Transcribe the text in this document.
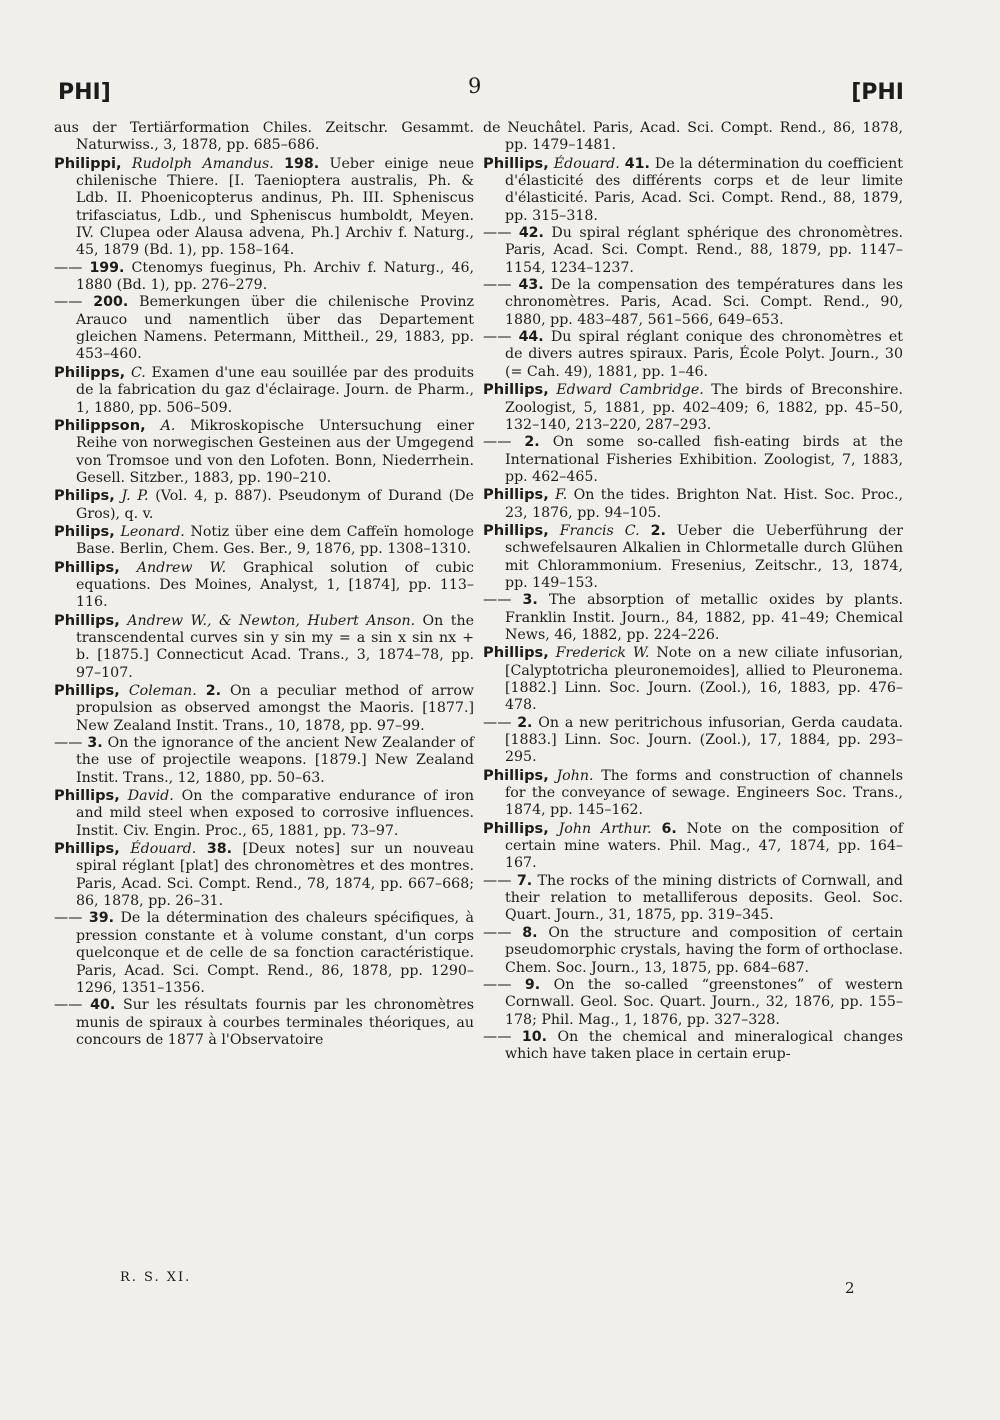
PHI]	9	[PHI

aus der Tertiärformation Chiles. Zeitschr. Gesammt. Naturwiss., 3, 1878, pp. 685–686.

Philippi, Rudolph Amandus. 198. Ueber einige neue chilenische Thiere. [I. Taenioptera australis, Ph. & Ldb. II. Phoenicopterus andinus, Ph. III. Spheniscus trifasciatus, Ldb., und Spheniscus humboldt, Meyen. IV. Clupea oder Alausa advena, Ph.] Archiv f. Naturg., 45, 1879 (Bd. 1), pp. 158–164.

—— 199. Ctenomys fueginus, Ph. Archiv f. Naturg., 46, 1880 (Bd. 1), pp. 276–279.

—— 200. Bemerkungen über die chilenische Provinz Arauco und namentlich über das Departement gleichen Namens. Petermann, Mittheil., 29, 1883, pp. 453–460.

Philipps, C. Examen d'une eau souillée par des produits de la fabrication du gaz d'éclairage. Journ. de Pharm., 1, 1880, pp. 506–509.

Philippson, A. Mikroskopische Untersuchung einer Reihe von norwegischen Gesteinen aus der Umgegend von Tromsoe und von den Lofoten. Bonn, Niederrhein. Gesell. Sitzber., 1883, pp. 190–210.

Philips, J. P. (Vol. 4, p. 887). Pseudonym of Durand (De Gros), q. v.

Philips, Leonard. Notiz über eine dem Caffeïn homologe Base. Berlin, Chem. Ges. Ber., 9, 1876, pp. 1308–1310.

Phillips, Andrew W. Graphical solution of cubic equations. Des Moines, Analyst, 1, [1874], pp. 113–116.

Phillips, Andrew W., & Newton, Hubert Anson. On the transcendental curves sin y sin my = a sin x sin nx + b. [1875.] Connecticut Acad. Trans., 3, 1874–78, pp. 97–107.

Phillips, Coleman. 2. On a peculiar method of arrow propulsion as observed amongst the Maoris. [1877.] New Zealand Instit. Trans., 10, 1878, pp. 97–99.

—— 3. On the ignorance of the ancient New Zealander of the use of projectile weapons. [1879.] New Zealand Instit. Trans., 12, 1880, pp. 50–63.

Phillips, David. On the comparative endurance of iron and mild steel when exposed to corrosive influences. Instit. Civ. Engin. Proc., 65, 1881, pp. 73–97.

Phillips, Édouard. 38. [Deux notes] sur un nouveau spiral réglant [plat] des chronomètres et des montres. Paris, Acad. Sci. Compt. Rend., 78, 1874, pp. 667–668; 86, 1878, pp. 26–31.

—— 39. De la détermination des chaleurs spécifiques, à pression constante et à volume constant, d'un corps quelconque et de celle de sa fonction caractéristique. Paris, Acad. Sci. Compt. Rend., 86, 1878, pp. 1290–1296, 1351–1356.

—— 40. Sur les résultats fournis par les chronomètres munis de spiraux à courbes terminales théoriques, au concours de 1877 à l'Observatoire

de Neuchâtel. Paris, Acad. Sci. Compt. Rend., 86, 1878, pp. 1479–1481.

Phillips, Édouard. 41. De la détermination du coefficient d'élasticité des différents corps et de leur limite d'élasticité. Paris, Acad. Sci. Compt. Rend., 88, 1879, pp. 315–318.

—— 42. Du spiral réglant sphérique des chronomètres. Paris, Acad. Sci. Compt. Rend., 88, 1879, pp. 1147–1154, 1234–1237.

—— 43. De la compensation des températures dans les chronomètres. Paris, Acad. Sci. Compt. Rend., 90, 1880, pp. 483–487, 561–566, 649–653.

—— 44. Du spiral réglant conique des chronomètres et de divers autres spiraux. Paris, École Polyt. Journ., 30 (= Cah. 49), 1881, pp. 1–46.

Phillips, Edward Cambridge. The birds of Breconshire. Zoologist, 5, 1881, pp. 402–409; 6, 1882, pp. 45–50, 132–140, 213–220, 287–293.

—— 2. On some so-called fish-eating birds at the International Fisheries Exhibition. Zoologist, 7, 1883, pp. 462–465.

Phillips, F. On the tides. Brighton Nat. Hist. Soc. Proc., 23, 1876, pp. 94–105.

Phillips, Francis C. 2. Ueber die Ueberführung der schwefelsauren Alkalien in Chlormetalle durch Glühen mit Chlorammonium. Fresenius, Zeitschr., 13, 1874, pp. 149–153.

—— 3. The absorption of metallic oxides by plants. Franklin Instit. Journ., 84, 1882, pp. 41–49; Chemical News, 46, 1882, pp. 224–226.

Phillips, Frederick W. Note on a new ciliate infusorian, [Calyptotricha pleuronemoides], allied to Pleuronema. [1882.] Linn. Soc. Journ. (Zool.), 16, 1883, pp. 476–478.

—— 2. On a new peritrichous infusorian, Gerda caudata. [1883.] Linn. Soc. Journ. (Zool.), 17, 1884, pp. 293–295.

Phillips, John. The forms and construction of channels for the conveyance of sewage. Engineers Soc. Trans., 1874, pp. 145–162.

Phillips, John Arthur. 6. Note on the composition of certain mine waters. Phil. Mag., 47, 1874, pp. 164–167.

—— 7. The rocks of the mining districts of Cornwall, and their relation to metalliferous deposits. Geol. Soc. Quart. Journ., 31, 1875, pp. 319–345.

—— 8. On the structure and composition of certain pseudomorphic crystals, having the form of orthoclase. Chem. Soc. Journ., 13, 1875, pp. 684–687.

—— 9. On the so-called “greenstones” of western Cornwall. Geol. Soc. Quart. Journ., 32, 1876, pp. 155–178; Phil. Mag., 1, 1876, pp. 327–328.

—— 10. On the chemical and mineralogical changes which have taken place in certain erup-

R. S. XI.
2
